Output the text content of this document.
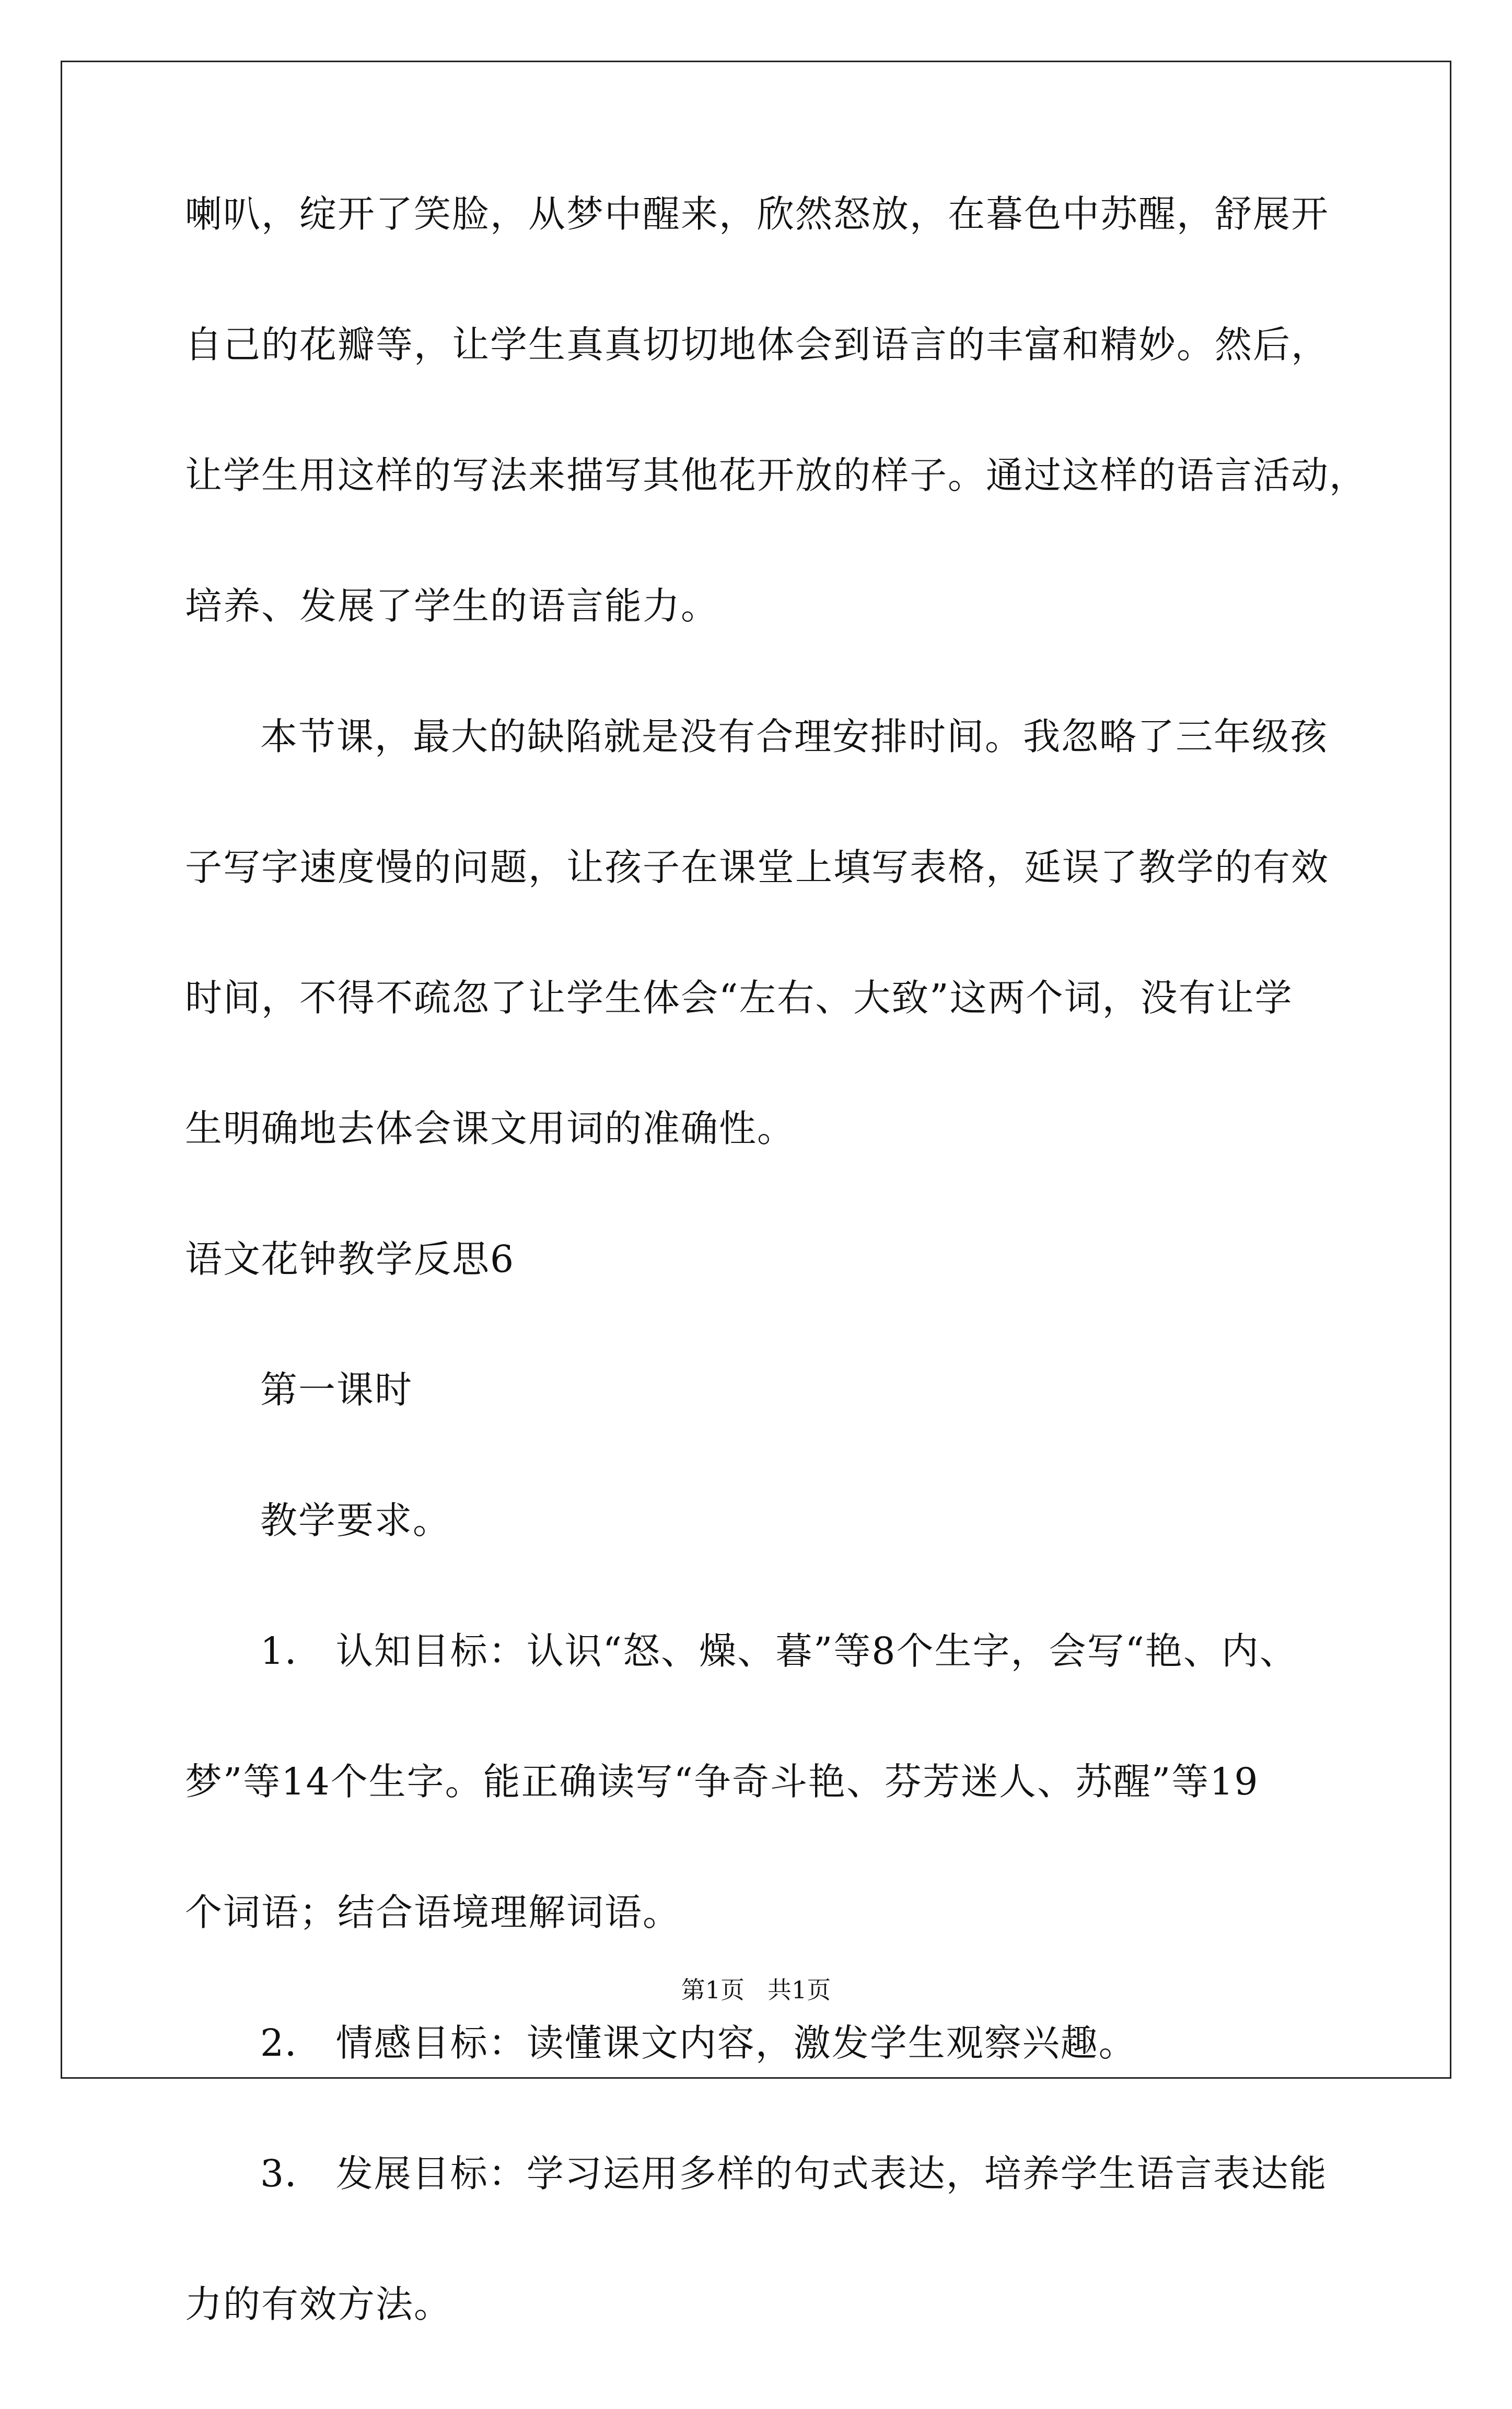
喇叭，绽开了笑脸，从梦中醒来，欣然怒放，在暮色中苏醒，舒展开
自己的花瓣等，让学生真真切切地体会到语言的丰富和精妙。然后，
让学生用这样的写法来描写其他花开放的样子。通过这样的语言活动，
培养、发展了学生的语言能力。
本节课，最大的缺陷就是没有合理安排时间。我忽略了三年级孩
子写字速度慢的问题，让孩子在课堂上填写表格，延误了教学的有效
时间，不得不疏忽了让学生体会“左右、大致”这两个词，没有让学
生明确地去体会课文用词的准确性。
语文花钟教学反思6
第一课时
教学要求。
1． 认知目标：认识“怒、燥、暮”等8个生字，会写“艳、内、
梦”等14个生字。能正确读写“争奇斗艳、芬芳迷人、苏醒”等19
个词语；结合语境理解词语。
2． 情感目标：读懂课文内容，激发学生观察兴趣。
3． 发展目标：学习运用多样的句式表达，培养学生语言表达能
力的有效方法。
第1页 共1页
